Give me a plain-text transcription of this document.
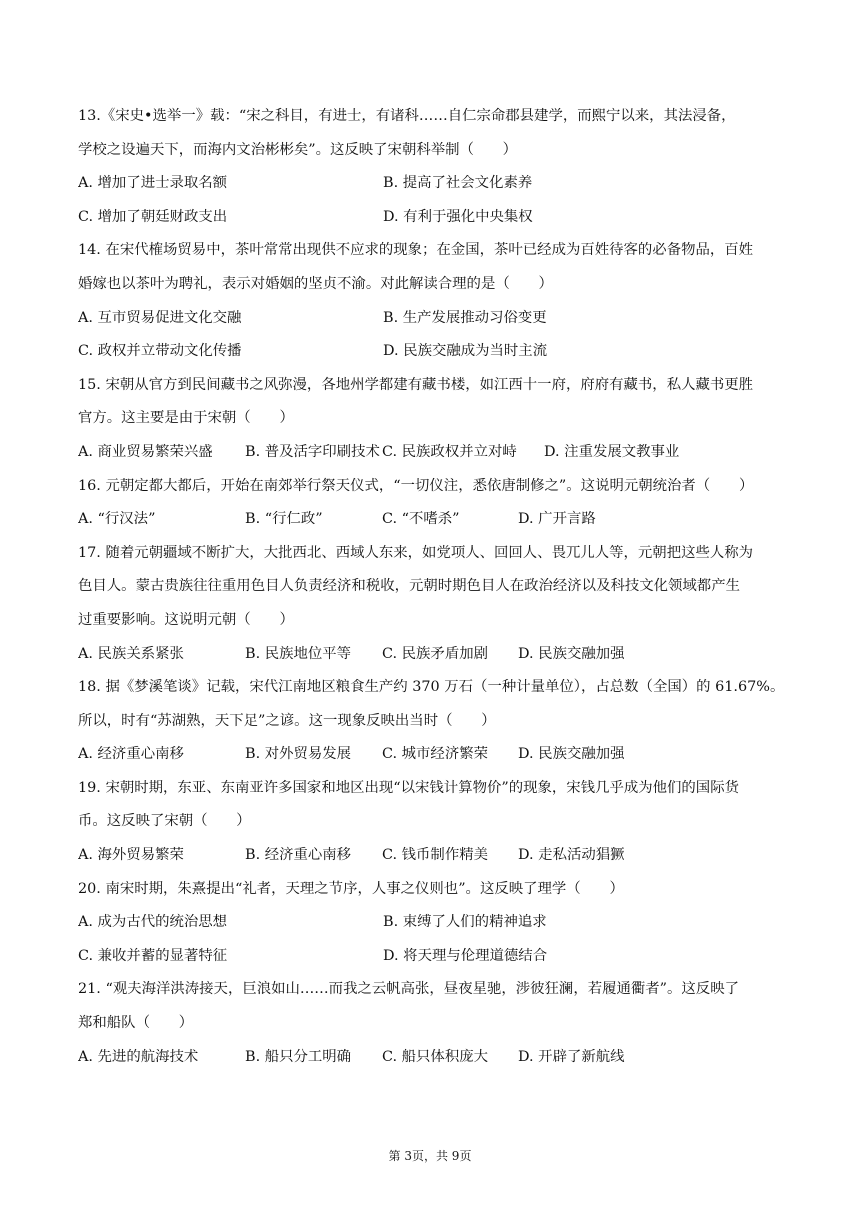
13.《宋史•选举一》载：“宋之科目，有进士，有诸科……自仁宗命郡县建学，而熙宁以来，其法浸备，
学校之设遍天下，而海内文治彬彬矣”。这反映了宋朝科举制（　　）
A. 增加了进士录取名额	B. 提高了社会文化素养
C. 增加了朝廷财政支出	D. 有利于强化中央集权
14. 在宋代榷场贸易中，茶叶常常出现供不应求的现象；在金国，茶叶已经成为百姓待客的必备物品，百姓
婚嫁也以茶叶为聘礼，表示对婚姻的坚贞不渝。对此解读合理的是（　　）
A. 互市贸易促进文化交融	B. 生产发展推动习俗变更
C. 政权并立带动文化传播	D. 民族交融成为当时主流
15. 宋朝从官方到民间藏书之风弥漫，各地州学都建有藏书楼，如江西十一府，府府有藏书，私人藏书更胜
官方。这主要是由于宋朝（　　）
A. 商业贸易繁荣兴盛	B. 普及活字印刷技术 C. 民族政权并立对峙	D. 注重发展文教事业
16. 元朝定都大都后，开始在南郊举行祭天仪式，“一切仪注，悉依唐制修之”。这说明元朝统治者（　　）
A. “行汉法”	B. “行仁政”	C. “不嗜杀”	D. 广开言路
17. 随着元朝疆域不断扩大，大批西北、西域人东来，如党项人、回回人、畏兀儿人等，元朝把这些人称为
色目人。蒙古贵族往往重用色目人负责经济和税收，元朝时期色目人在政治经济以及科技文化领域都产生
过重要影响。这说明元朝（　　）
A. 民族关系紧张	B. 民族地位平等	C. 民族矛盾加剧	D. 民族交融加强
18. 据《梦溪笔谈》记载，宋代江南地区粮食生产约 370 万石（一种计量单位），占总数（全国）的 61.67%。
所以，时有“苏湖熟，天下足”之谚。这一现象反映出当时（　　）
A. 经济重心南移	B. 对外贸易发展	C. 城市经济繁荣	D. 民族交融加强
19. 宋朝时期，东亚、东南亚许多国家和地区出现“以宋钱计算物价”的现象，宋钱几乎成为他们的国际货
币。这反映了宋朝（　　）
A. 海外贸易繁荣	B. 经济重心南移	C. 钱币制作精美	D. 走私活动猖獗
20. 南宋时期，朱熹提出“礼者，天理之节序，人事之仪则也”。这反映了理学（　　）
A. 成为古代的统治思想	B. 束缚了人们的精神追求
C. 兼收并蓄的显著特征	D. 将天理与伦理道德结合
21. “观夫海洋洪涛接天，巨浪如山……而我之云帆高张，昼夜星驰，涉彼狂澜，若履通衢者”。这反映了
郑和船队（　　）
A. 先进的航海技术	B. 船只分工明确	C. 船只体积庞大	D. 开辟了新航线
第 3页，共 9页
